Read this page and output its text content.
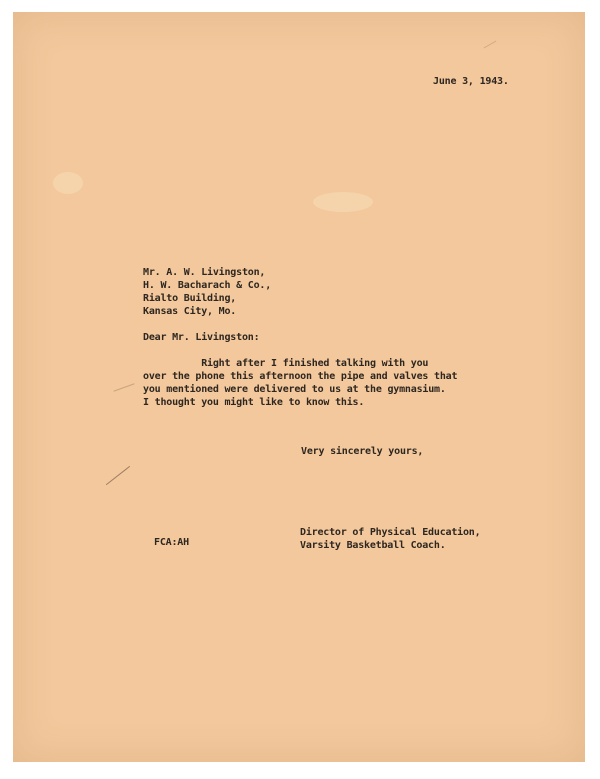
June 3, 1943.
Mr. A. W. Livingston,
H. W. Bacharach & Co.,
Rialto Building,
Kansas City, Mo.
Dear Mr. Livingston:
Right after I finished talking with you
over the phone this afternoon the pipe and valves that
you mentioned were delivered to us at the gymnasium.
I thought you might like to know this.
Very sincerely yours,
Director of Physical Education,
Varsity Basketball Coach.
FCA:AH
